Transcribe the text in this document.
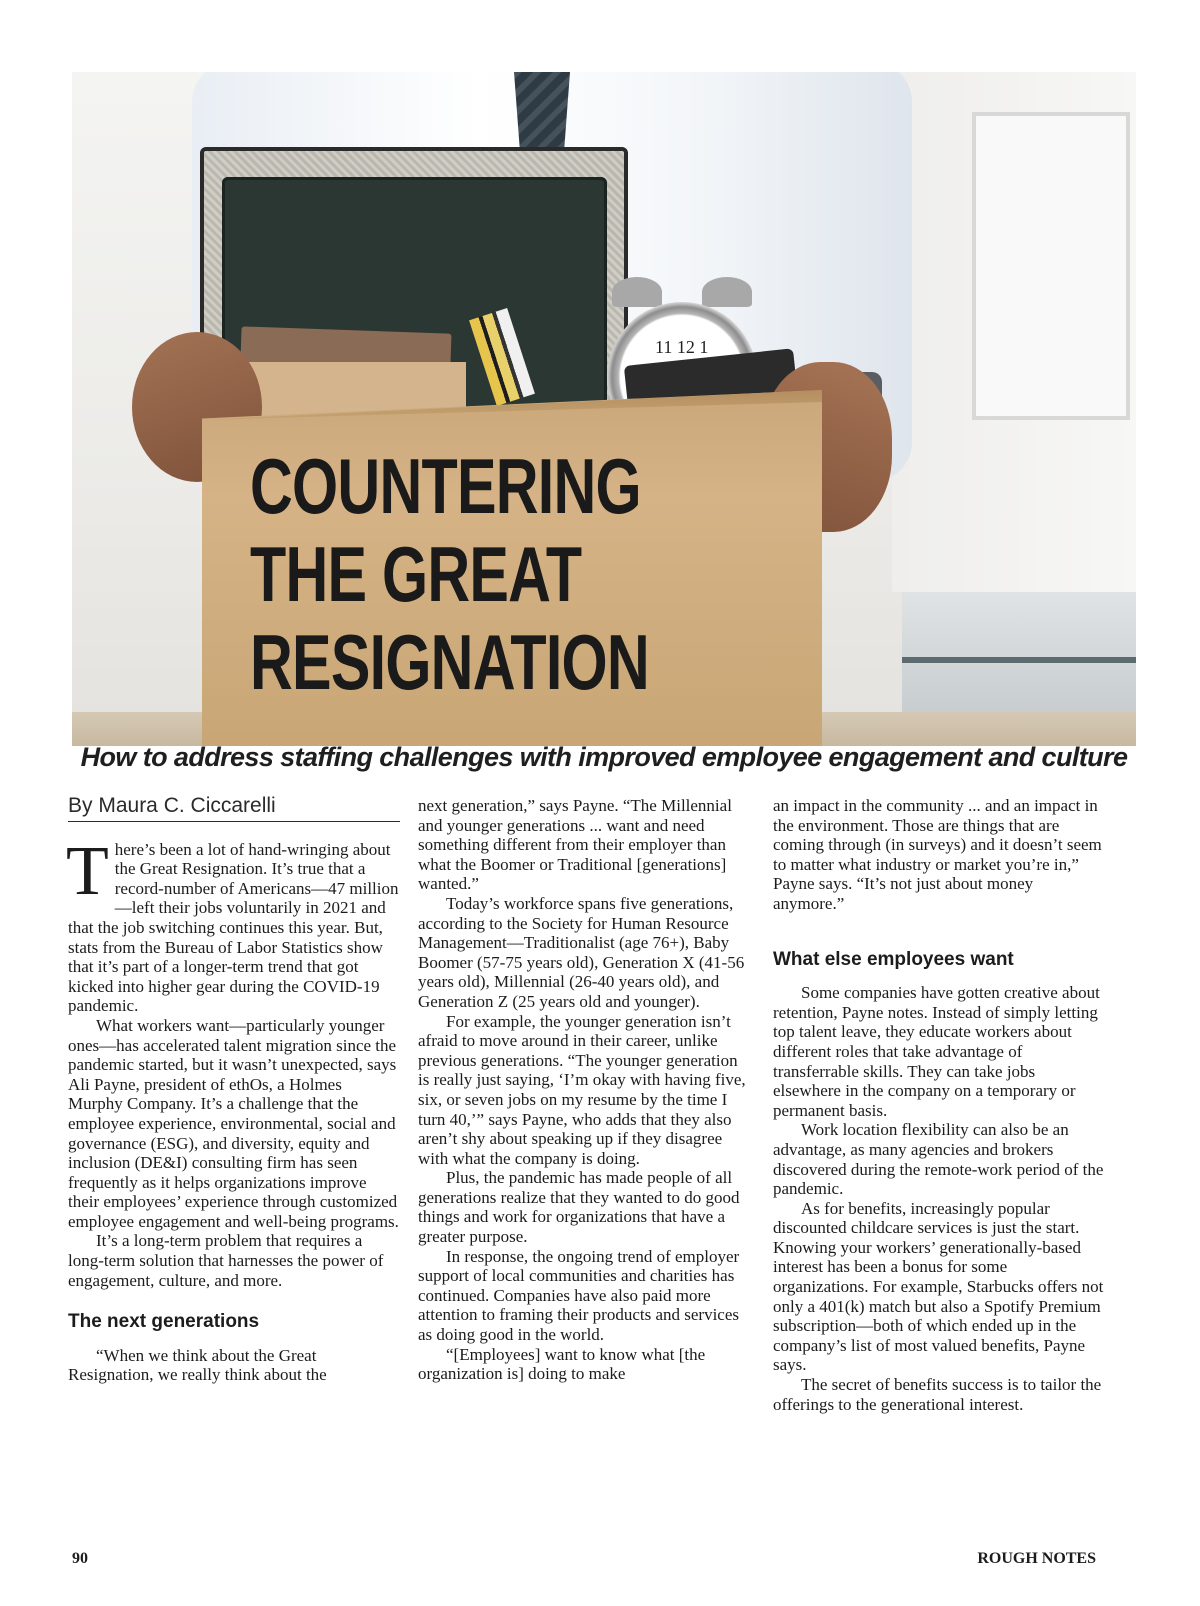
11 12 1
COUNTERING
THE GREAT
RESIGNATION
How to address staffing challenges with improved employee engagement and culture
By Maura C. Ciccarelli

There’s been a lot of hand-wringing about the Great Resignation. It’s true that a record-number of Americans—47 million—left their jobs voluntarily in 2021 and that the job switching continues this year. But, stats from the Bureau of Labor Statistics show that it’s part of a longer-term trend that got kicked into higher gear during the COVID-19 pandemic.

What workers want—particularly younger ones—has accelerated talent migration since the pandemic started, but it wasn’t unexpected, says Ali Payne, president of ethOs, a Holmes Murphy Company. It’s a challenge that the employee experience, environmental, social and governance (ESG), and diversity, equity and inclusion (DE&I) consulting firm has seen frequently as it helps organizations improve their employees’ experience through customized employee engagement and well-being programs.

It’s a long-term problem that requires a long-term solution that harnesses the power of engagement, culture, and more.

The next generations

“When we think about the Great Resignation, we really think about the

next generation,” says Payne. “The Millennial and younger generations ... want and need something different from their employer than what the Boomer or Traditional [generations] wanted.”

Today’s workforce spans five generations, according to the Society for Human Resource Management—Traditionalist (age 76+), Baby Boomer (57-75 years old), Generation X (41-56 years old), Millennial (26-40 years old), and Generation Z (25 years old and younger).

For example, the younger generation isn’t afraid to move around in their career, unlike previous generations. “The younger generation is really just saying, ‘I’m okay with having five, six, or seven jobs on my resume by the time I turn 40,’” says Payne, who adds that they also aren’t shy about speaking up if they disagree with what the company is doing.

Plus, the pandemic has made people of all generations realize that they wanted to do good things and work for organizations that have a greater purpose.

In response, the ongoing trend of employer support of local communities and charities has continued. Companies have also paid more attention to framing their products and services as doing good in the world.

“[Employees] want to know what [the organization is] doing to make

an impact in the community ... and an impact in the environment. Those are things that are coming through (in surveys) and it doesn’t seem to matter what industry or market you’re in,” Payne says. “It’s not just about money anymore.”

What else employees want

Some companies have gotten creative about retention, Payne notes. Instead of simply letting top talent leave, they educate workers about different roles that take advantage of transferrable skills. They can take jobs elsewhere in the company on a temporary or permanent basis.

Work location flexibility can also be an advantage, as many agencies and brokers discovered during the remote-work period of the pandemic.

As for benefits, increasingly popular discounted childcare services is just the start. Knowing your workers’ generationally-based interest has been a bonus for some organizations. For example, Starbucks offers not only a 401(k) match but also a Spotify Premium subscription—both of which ended up in the company’s list of most valued benefits, Payne says.

The secret of benefits success is to tailor the offerings to the generational interest.

90	ROUGH NOTES
